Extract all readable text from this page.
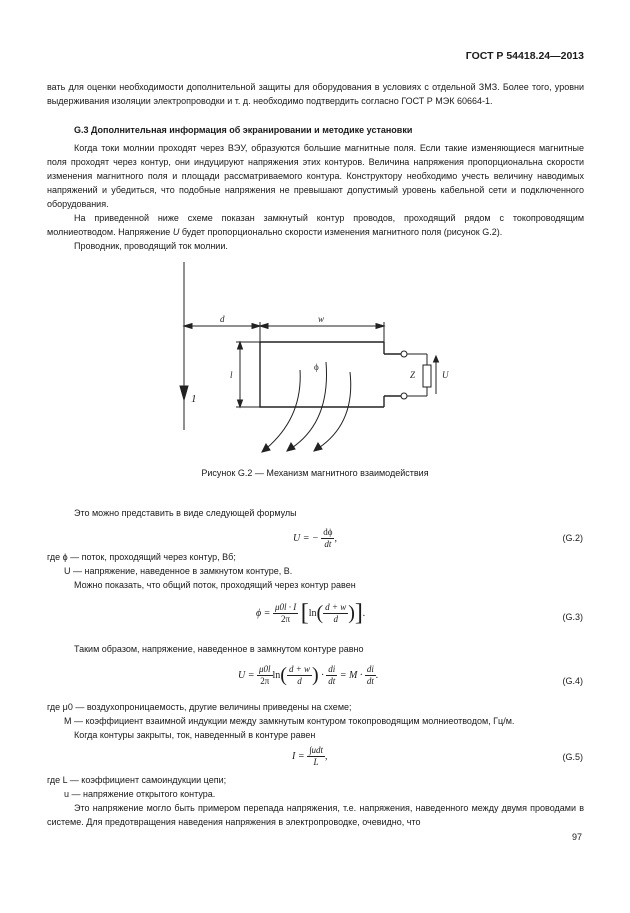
ГОСТ Р 54418.24—2013
вать для оценки необходимости дополнительной защиты для оборудования в условиях с отдельной ЗМЗ. Более того, уровни выдерживания изоляции электропроводки и т. д. необходимо подтвердить согласно ГОСТ Р МЭК 60664-1.
G.3 Дополнительная информация об экранировании и методике установки
Когда токи молнии проходят через ВЭУ, образуются большие магнитные поля. Если такие изменяющиеся магнитные поля проходят через контур, они индуцируют напряжения этих контуров. Величина напряжения пропорциональна скорости изменения магнитного поля и площади рассматриваемого контура. Конструктору необходимо учесть величину наводимых напряжений и убедиться, что подобные напряжения не превышают допустимый уровень кабельной сети и подключенного оборудования.
На приведенной ниже схеме показан замкнутый контур проводов, проходящий рядом с токопроводящим молниеотводом. Напряжение U будет пропорционально скорости изменения магнитного поля (рисунок G.2).
Проводник, проводящий ток молнии.
d	w
l
ϕ
Z	U
1
Рисунок G.2 — Механизм магнитного взаимодействия
Это можно представить в виде следующей формулы
U = − $\frac{d\phi}{dt}$ ,	(G.2)
где ϕ — поток, проходящий через контур, Вб;
U — напряжение, наведенное в замкнутом контуре, В.
Можно показать, что общий поток, проходящий через контур равен
$\phi = \frac{\mu 0l \cdot I}{2\pi} [\ln( \frac{d + w}{d}$ )].	(G.3)
Таким образом, напряжение, наведенное в замкнутом контуре равно
$U = \frac{\mu 0l}{2\pi} \ln( \frac{d + w}{d}$ ) · $\frac{di}{dt} = M \cdot \frac{di}{dt}$ .
(G.4)
где μ0 — воздухопроницаемость, другие величины приведены на схеме;
M — коэффициент взаимной индукции между замкнутым контуром токопроводящим молниеотводом, Гц/м.
Когда контуры закрыты, ток, наведенный в контуре равен
$I = \frac{\text{∫udt}}{L}$ ,	(G.5)
где L — коэффициент самоиндукции цепи;
u — напряжение открытого контура.
Это напряжение могло быть примером перепада напряжения, т.е. напряжения, наведенного между двумя проводами в системе. Для предотвращения наведения напряжения в электропроводке, очевидно, что
97
